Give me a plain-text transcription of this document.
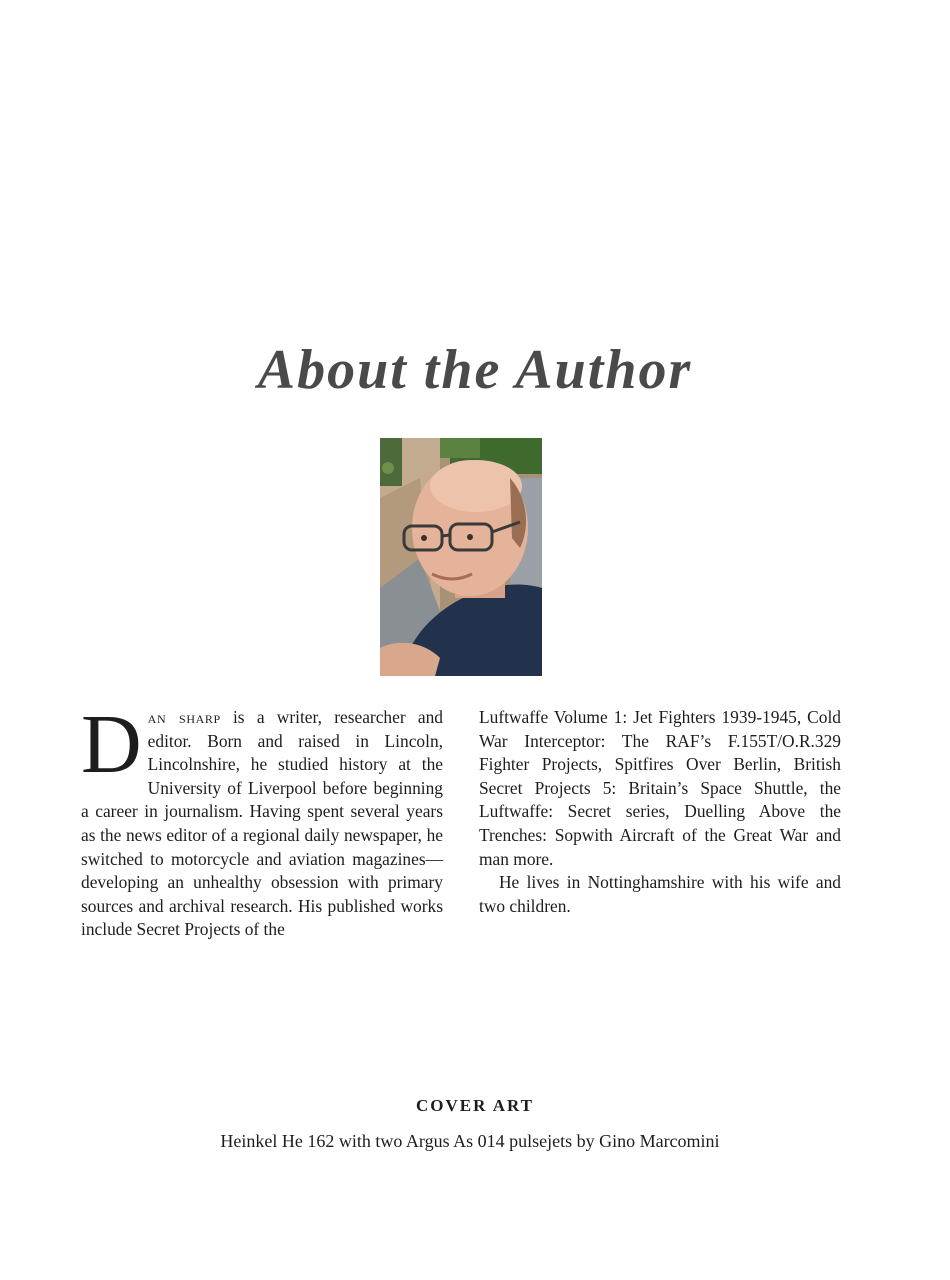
About the Author

Dan sharp is a writer, researcher and editor. Born and raised in Lincoln, Lincolnshire, he studied history at the University of Liverpool before beginning a career in journalism. Having spent several years as the news editor of a regional daily newspaper, he switched to motorcycle and aviation magazines—developing an unhealthy obsession with primary sources and archival research. His published works include Secret Projects of the

Luftwaffe Volume 1: Jet Fighters 1939-1945, Cold War Interceptor: The RAF’s F.155T/O.R.329 Fighter Projects, Spitfires Over Berlin, British Secret Projects 5: Britain’s Space Shuttle, the Luftwaffe: Secret series, Duelling Above the Trenches: Sopwith Aircraft of the Great War and man more.

He lives in Nottinghamshire with his wife and two children.

COVER ART
Heinkel He 162 with two Argus As 014 pulsejets by Gino Marcomini
